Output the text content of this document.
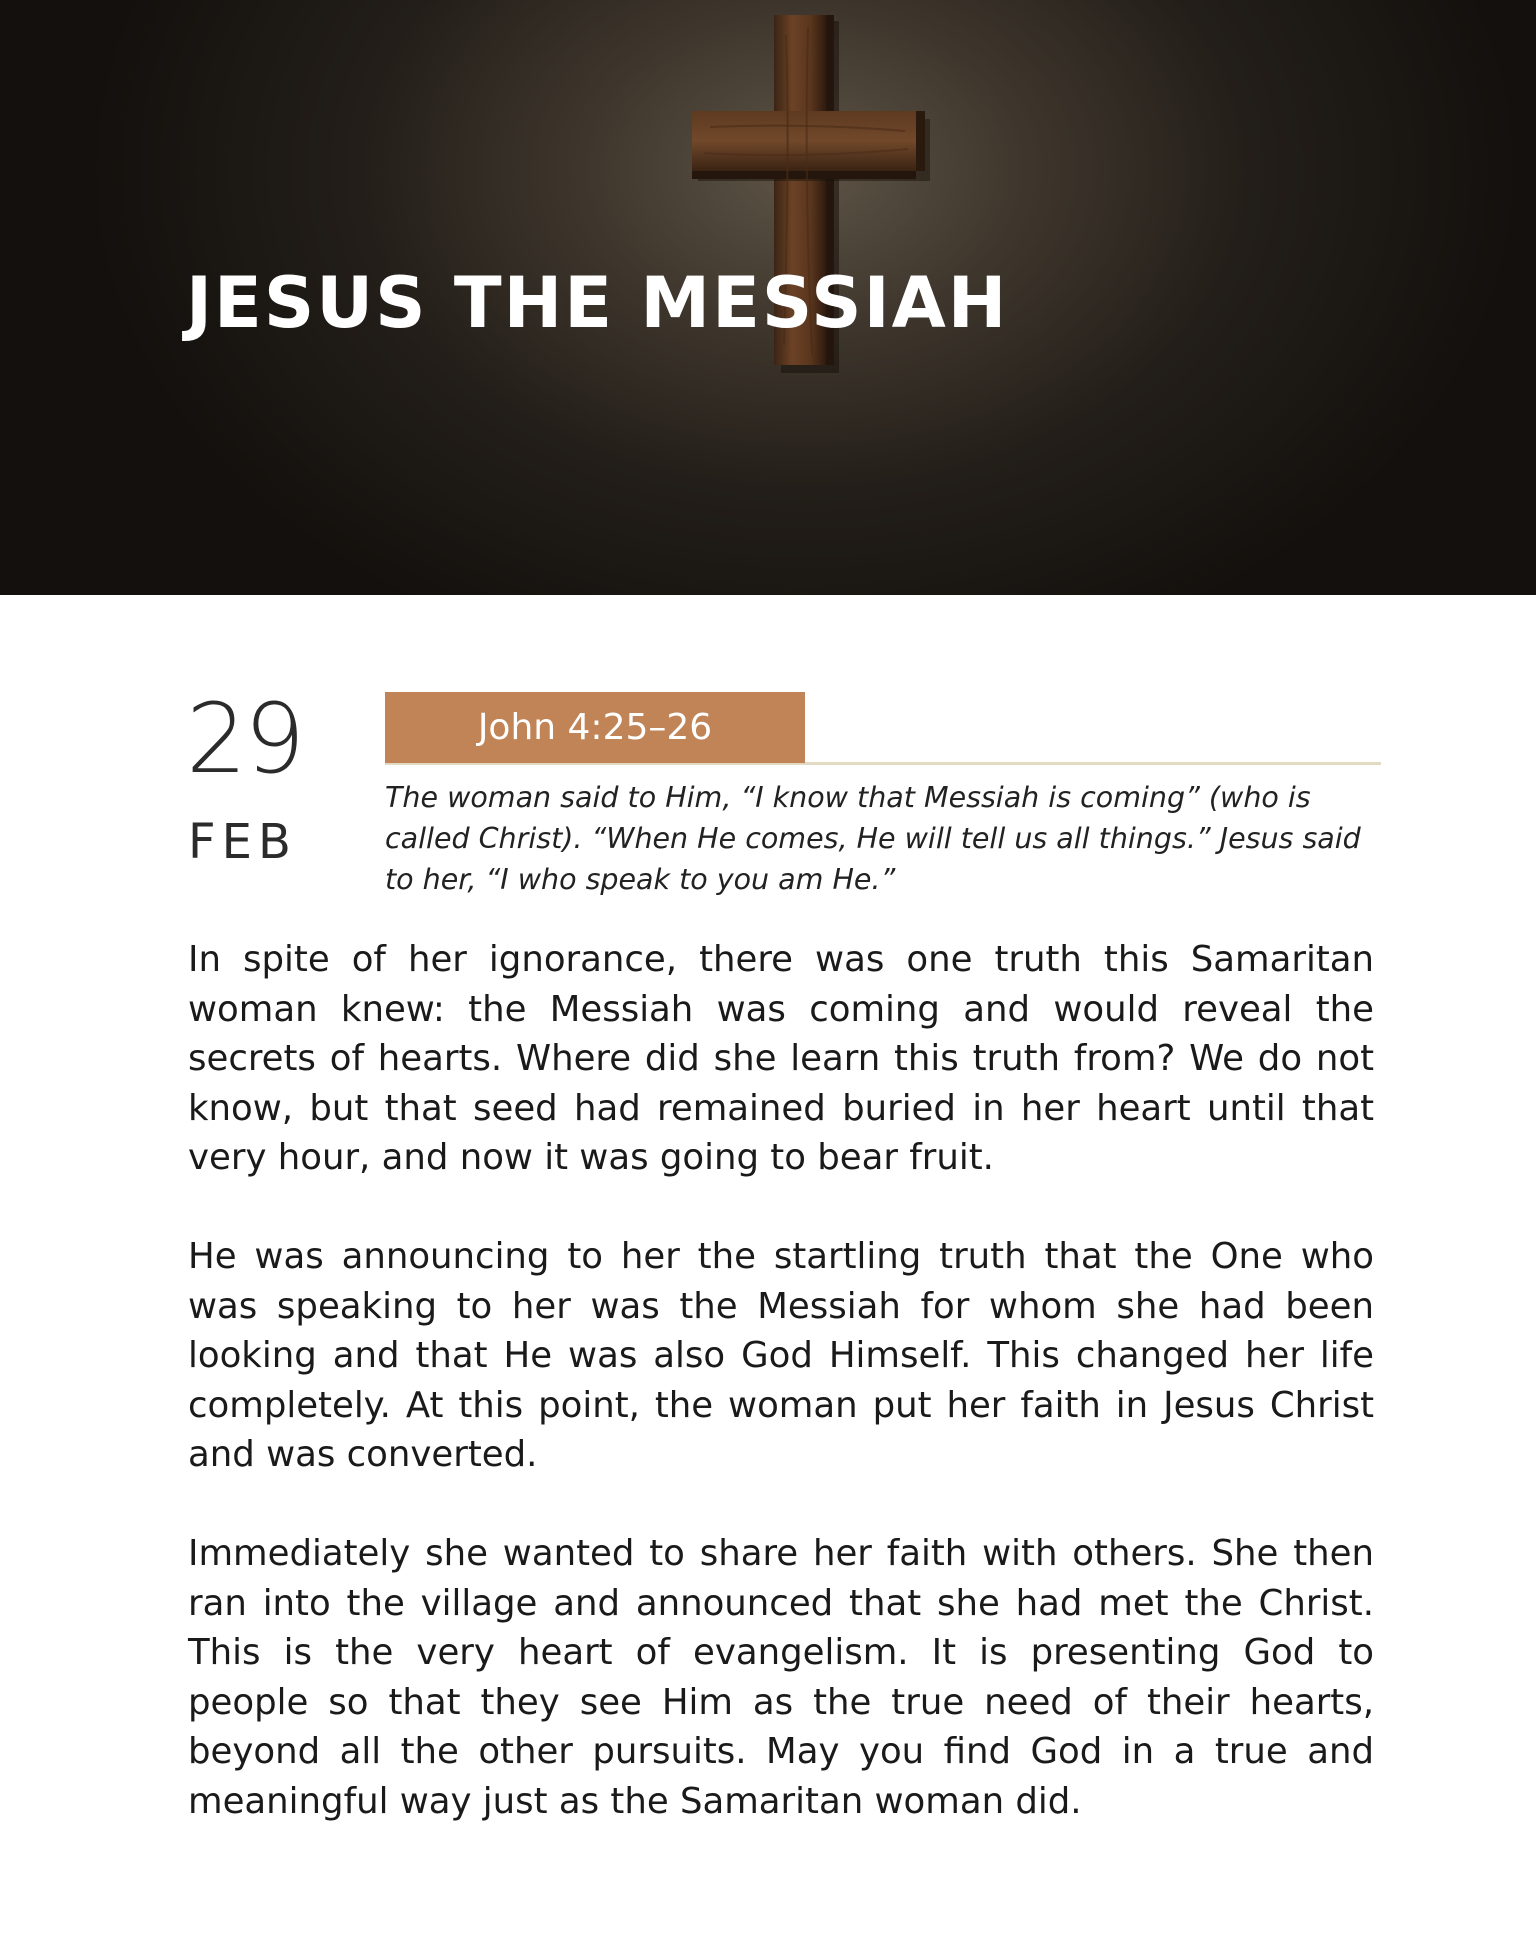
JESUS THE MESSIAH
29
FEB
John 4:25–26

The woman said to Him, “I know that Messiah is coming” (who is called Christ). “When He comes, He will tell us all things.” Jesus said to her, “I who speak to you am He.”

In spite of her ignorance, there was one truth this Samaritan woman knew: the Messiah was coming and would reveal the secrets of hearts. Where did she learn this truth from? We do not know, but that seed had remained buried in her heart until that very hour, and now it was going to bear fruit.

He was announcing to her the startling truth that the One who was speaking to her was the Messiah for whom she had been looking and that He was also God Himself. This changed her life completely. At this point, the woman put her faith in Jesus Christ and was converted.

Immediately she wanted to share her faith with others. She then ran into the village and announced that she had met the Christ. This is the very heart of evangelism. It is presenting God to people so that they see Him as the true need of their hearts, beyond all the other pursuits. May you find God in a true and meaningful way just as the Samaritan woman did.
